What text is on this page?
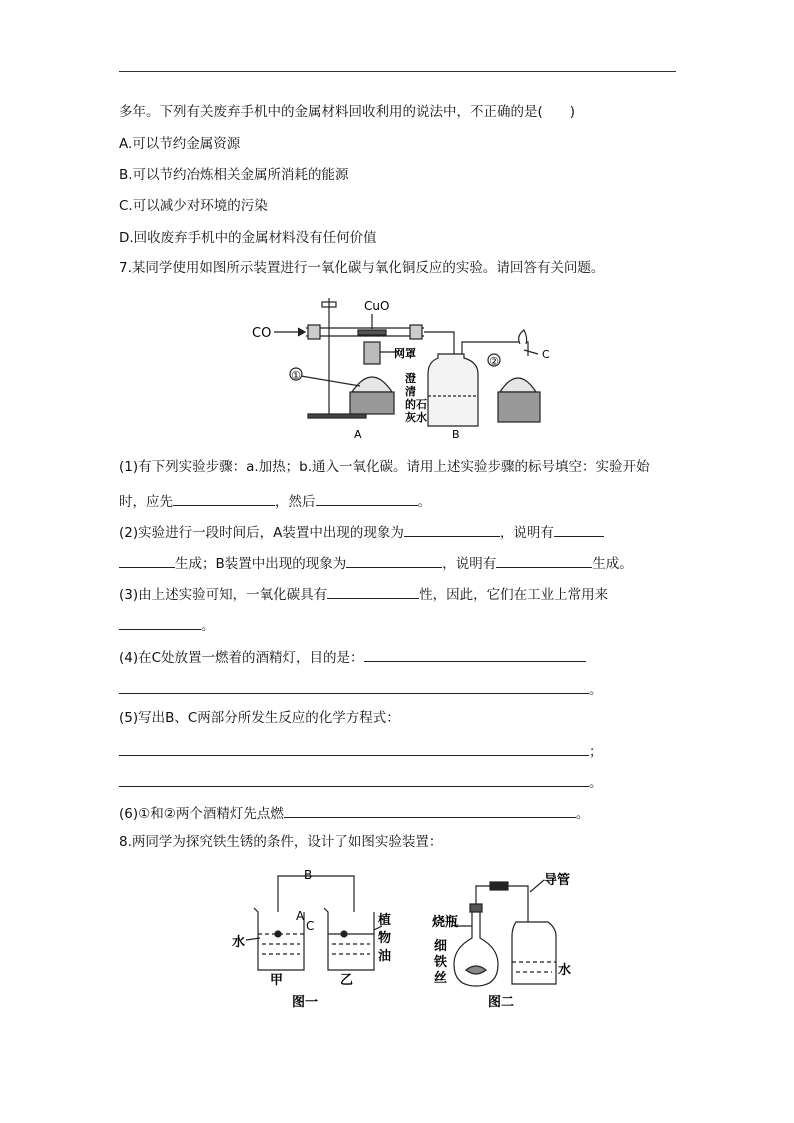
多年。下列有关废弃手机中的金属材料回收利用的说法中，不正确的是(　　)
A.可以节约金属资源
B.可以节约冶炼相关金属所消耗的能源
C.可以减少对环境的污染
D.回收废弃手机中的金属材料没有任何价值
7.某同学使用如图所示装置进行一氧化碳与氧化铜反应的实验。请回答有关问题。
CO
CuO
网罩
①
②
澄
清
的石
灰水
A	B
C
(1)有下列实验步骤：a.加热；b.通入一氧化碳。请用上述实验步骤的标号填空：实验开始
时，应先	，然后	。
(2)实验进行一段时间后，A装置中出现的现象为	，说明有
生成；B装置中出现的现象为	，说明有	生成。
(3)由上述实验可知，一氧化碳具有	性，因此，它们在工业上常用来
。
(4)在C处放置一燃着的酒精灯，目的是：
。
(5)写出B、C两部分所发生反应的化学方程式：
；
。
(6)①和②两个酒精灯先点燃	。
8.两同学为探究铁生锈的条件，设计了如图实验装置：
B
A
C
水
植
物
油
甲	乙
图一
导管
烧瓶
细
铁
丝
水
图二
